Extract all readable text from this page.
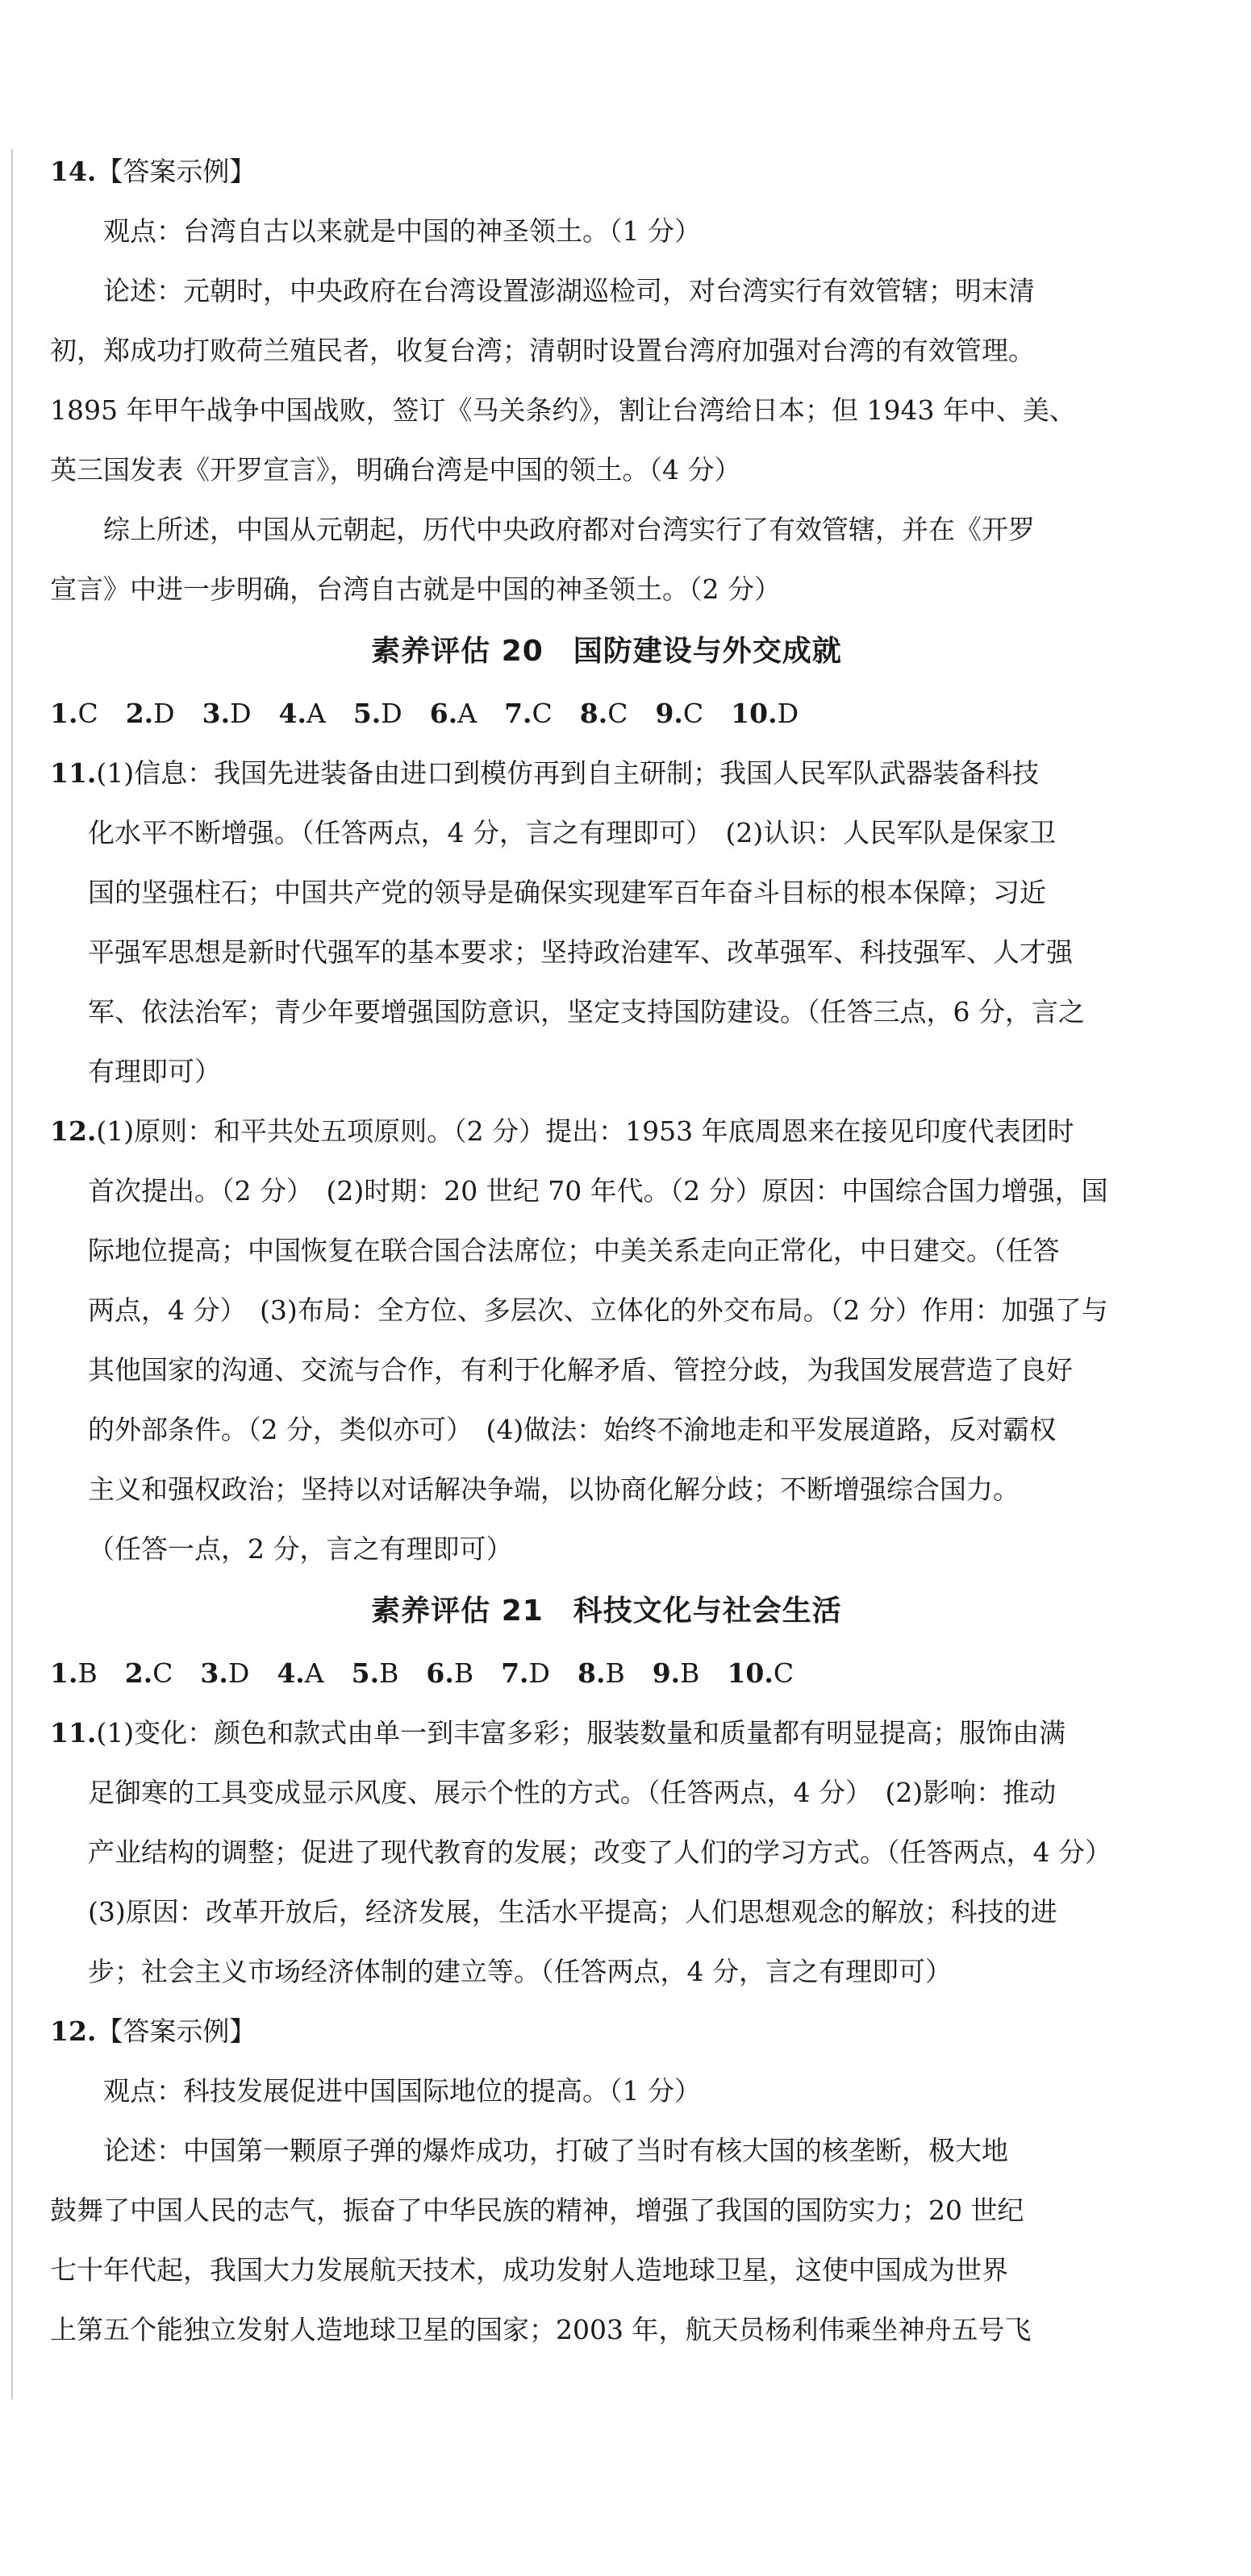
14.【答案示例】
观点：台湾自古以来就是中国的神圣领土。（1 分）
论述：元朝时，中央政府在台湾设置澎湖巡检司，对台湾实行有效管辖；明末清
初，郑成功打败荷兰殖民者，收复台湾；清朝时设置台湾府加强对台湾的有效管理。
1895 年甲午战争中国战败，签订《马关条约》，割让台湾给日本；但 1943 年中、美、
英三国发表《开罗宣言》，明确台湾是中国的领土。（4 分）
综上所述，中国从元朝起，历代中央政府都对台湾实行了有效管辖，并在《开罗
宣言》中进一步明确，台湾自古就是中国的神圣领土。（2 分）
素养评估 20　国防建设与外交成就
1.C 2.D 3.D 4.A 5.D 6.A 7.C 8.C 9.C 10.D
11.(1)信息：我国先进装备由进口到模仿再到自主研制；我国人民军队武器装备科技
化水平不断增强。（任答两点，4 分，言之有理即可）　(2)认识：人民军队是保家卫
国的坚强柱石；中国共产党的领导是确保实现建军百年奋斗目标的根本保障；习近
平强军思想是新时代强军的基本要求；坚持政治建军、改革强军、科技强军、人才强
军、依法治军；青少年要增强国防意识，坚定支持国防建设。（任答三点，6 分，言之
有理即可）
12.(1)原则：和平共处五项原则。（2 分）提出：1953 年底周恩来在接见印度代表团时
首次提出。（2 分）　(2)时期：20 世纪 70 年代。（2 分）原因：中国综合国力增强，国
际地位提高；中国恢复在联合国合法席位；中美关系走向正常化，中日建交。（任答
两点，4 分）　(3)布局：全方位、多层次、立体化的外交布局。（2 分）作用：加强了与
其他国家的沟通、交流与合作，有利于化解矛盾、管控分歧，为我国发展营造了良好
的外部条件。（2 分，类似亦可）　(4)做法：始终不渝地走和平发展道路，反对霸权
主义和强权政治；坚持以对话解决争端，以协商化解分歧；不断增强综合国力。
（任答一点，2 分，言之有理即可）
素养评估 21　科技文化与社会生活
1.B 2.C 3.D 4.A 5.B 6.B 7.D 8.B 9.B 10.C
11.(1)变化：颜色和款式由单一到丰富多彩；服装数量和质量都有明显提高；服饰由满
足御寒的工具变成显示风度、展示个性的方式。（任答两点，4 分）　(2)影响：推动
产业结构的调整；促进了现代教育的发展；改变了人们的学习方式。（任答两点，4 分）
(3)原因：改革开放后，经济发展，生活水平提高；人们思想观念的解放；科技的进
步；社会主义市场经济体制的建立等。（任答两点，4 分，言之有理即可）
12.【答案示例】
观点：科技发展促进中国国际地位的提高。（1 分）
论述：中国第一颗原子弹的爆炸成功，打破了当时有核大国的核垄断，极大地
鼓舞了中国人民的志气，振奋了中华民族的精神，增强了我国的国防实力；20 世纪
七十年代起，我国大力发展航天技术，成功发射人造地球卫星，这使中国成为世界
上第五个能独立发射人造地球卫星的国家；2003 年，航天员杨利伟乘坐神舟五号飞
